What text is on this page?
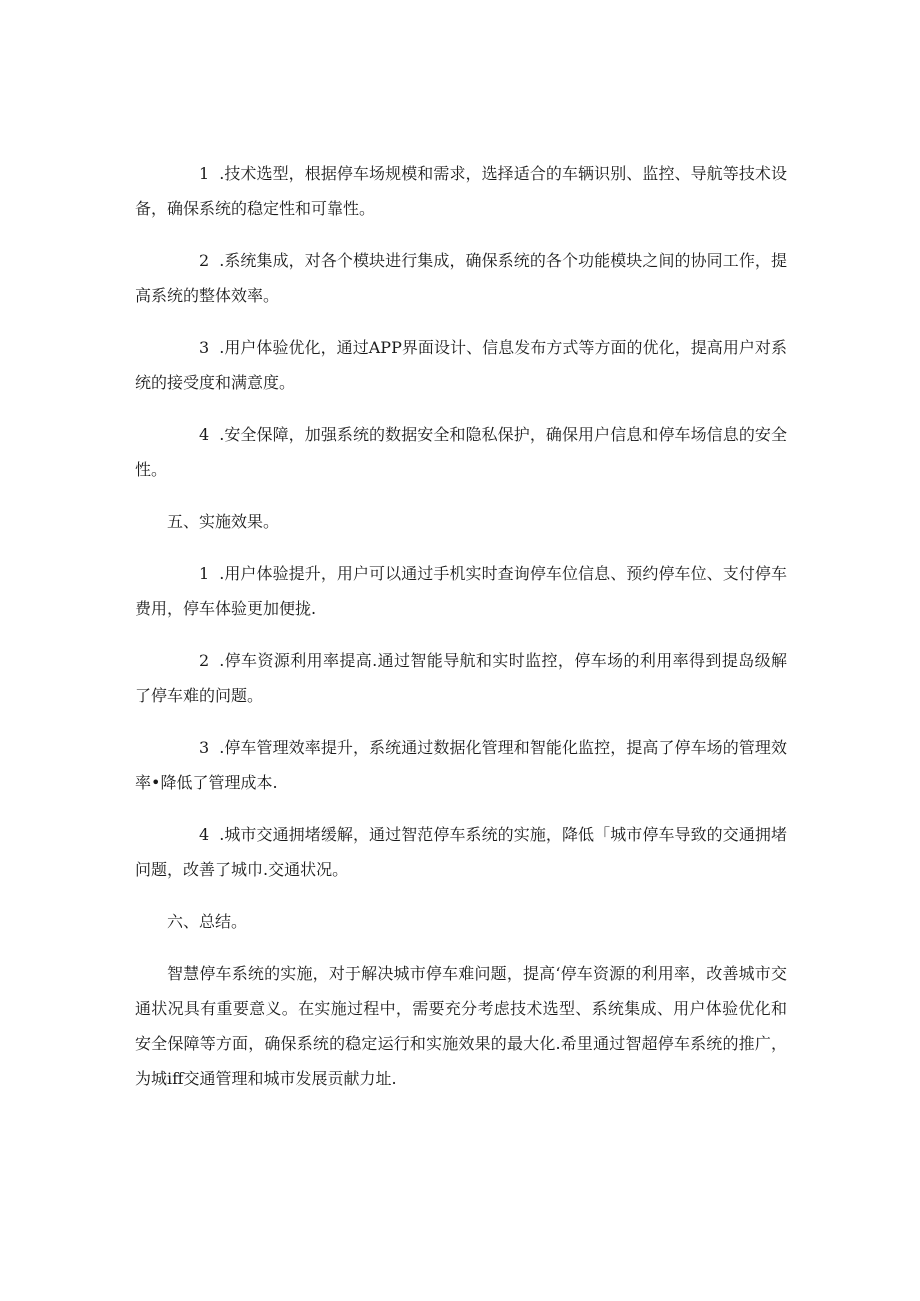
1 .技术选型，根据停车场规模和需求，选择适合的车辆识别、监控、导航等技术设备，确保系统的稳定性和可靠性。

2 .系统集成，对各个模块进行集成，确保系统的各个功能模块之间的协同工作，提高系统的整体效率。

3 .用户体验优化，通过APP界面设计、信息发布方式等方面的优化，提高用户对系统的接受度和满意度。

4 .安全保障，加强系统的数据安全和隐私保护，确保用户信息和停车场信息的安全性。

五、实施效果。

1 .用户体验提升，用户可以通过手机实时查询停车位信息、预约停车位、支付停车费用，停车体验更加便拢.

2 .停车资源利用率提高.通过智能导航和实时监控，停车场的利用率得到提岛级解了停车难的问题。

3 .停车管理效率提升，系统通过数据化管理和智能化监控，提高了停车场的管理效率•降低了管理成本.

4 .城市交通拥堵缓解，通过智范停车系统的实施，降低「城市停车导致的交通拥堵问题，改善了城巾.交通状况。

六、总结。

智慧停车系统的实施，对于解决城市停车难问题，提高‘停车资源的利用率，改善城市交通状况具有重要意义。在实施过程中，需要充分考虑技术选型、系统集成、用户体验优化和安全保障等方面，确保系统的稳定运行和实施效果的最大化.希里通过智超停车系统的推广，为城iff交通管理和城市发展贡献力址.
